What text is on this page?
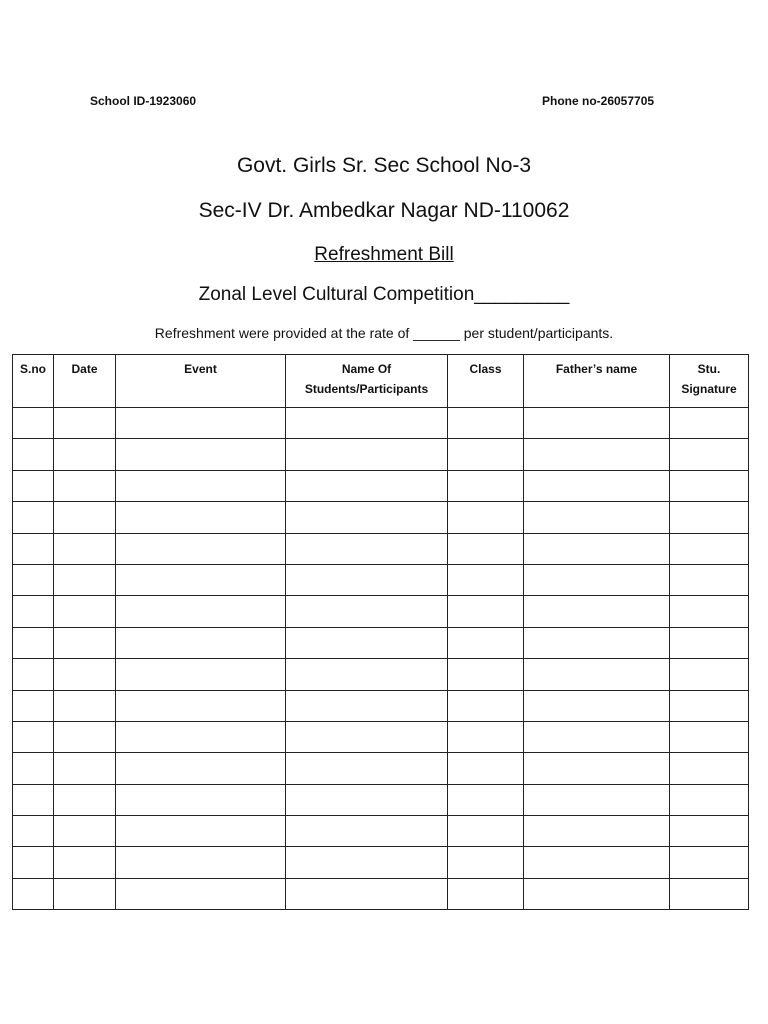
School ID-1923060	Phone no-26057705
Govt. Girls Sr. Sec School No-3
Sec-IV Dr. Ambedkar Nagar ND-110062
Refreshment Bill
Zonal Level Cultural Competition_________
Refreshment were provided at the rate of ______ per student/participants.
S.no	Date	Event	Name Of Students/Participants	Class	Father’s name	Stu. Signature
